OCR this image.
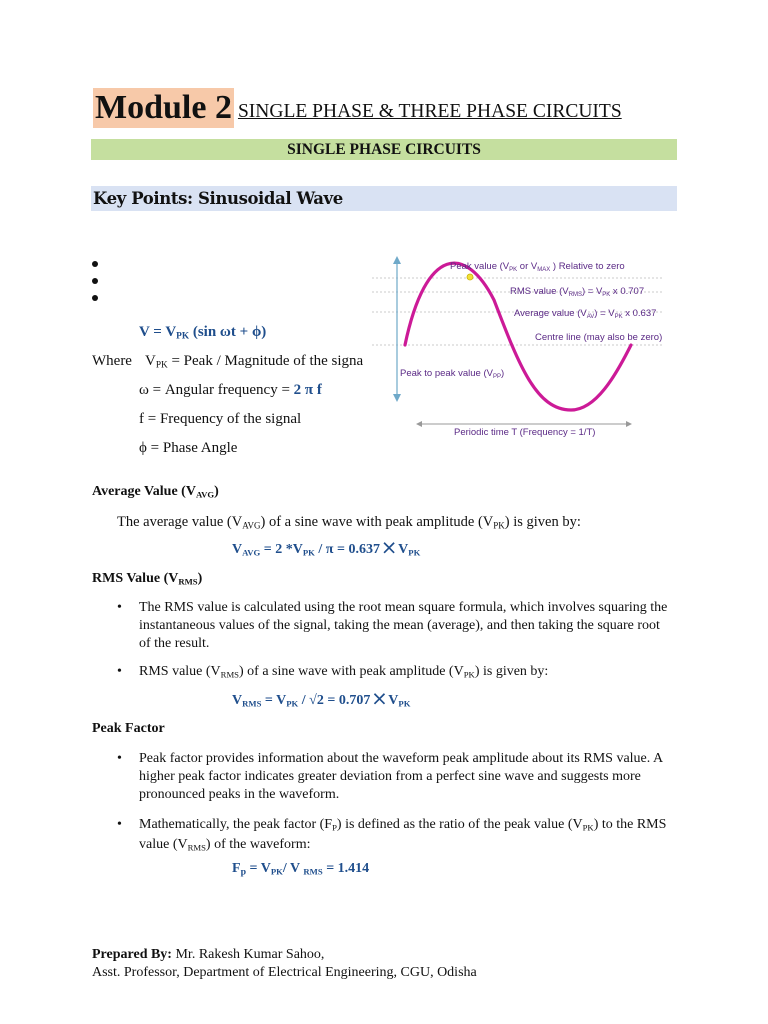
Module 2 SINGLE PHASE & THREE PHASE CIRCUITS
SINGLE PHASE CIRCUITS
Key Points: Sinusoidal Wave
V = VPK (sin ωt + ϕ)
Where VPK = Peak / Magnitude of the signa
ω = Angular frequency = 2 π f
f = Frequency of the signal
ϕ = Phase Angle
Peak value ($V_{PK}$ or $V_{MAX}$ ) Relative to zero
RMS value $(V_{RMS}) = V_{PK}$ x 0.707
Average value $(V_{AV}) = V_{PK}$ x 0.637
Centre line (may also be zero)
Peak to peak value $(V_{PP})$
Periodic time T (Frequency = 1/T)
Average Value (VAVG)
The average value (VAVG) of a sine wave with peak amplitude (VPK) is given by:
VAVG = 2 *VPK / π = 0.637 ⨉ VPK
RMS Value (VRMS)
• The RMS value is calculated using the root mean square formula, which involves squaring the instantaneous values of the signal, taking the mean (average), and then taking the square root of the result.
• RMS value (VRMS) of a sine wave with peak amplitude (VPK) is given by:
VRMS = VPK / √2 = 0.707 ⨉ VPK
Peak Factor
• Peak factor provides information about the waveform peak amplitude about its RMS value. A higher peak factor indicates greater deviation from a perfect sine wave and suggests more pronounced peaks in the waveform.
• Mathematically, the peak factor (FP) is defined as the ratio of the peak value (VPK) to the RMS value (VRMS) of the waveform:
$F_p = VPK/$ V RMS = 1.414
Prepared By: Mr. Rakesh Kumar Sahoo,
Asst. Professor, Department of Electrical Engineering, CGU, Odisha
